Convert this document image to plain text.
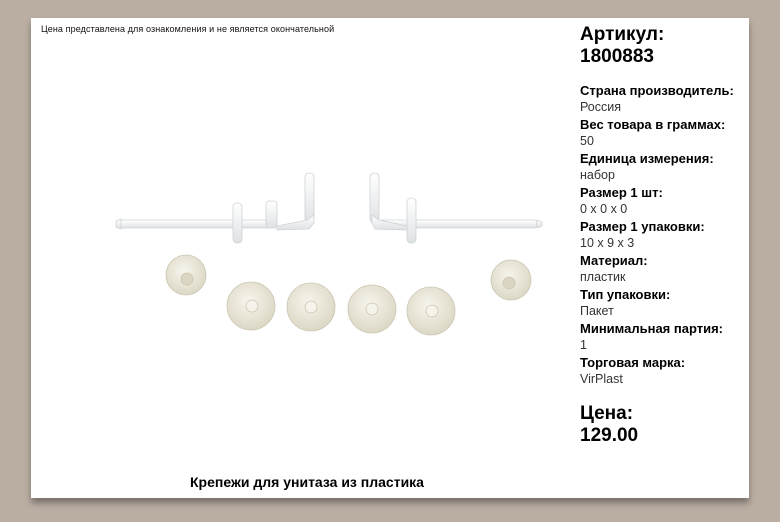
Цена представлена для ознакомления и не является окончательной
Крепежи для унитаза из пластика
Артикул:
1800883
Страна производитель:
Россия
Вес товара в граммах:
50
Единица измерения:
набор
Размер 1 шт:
0 x 0 x 0
Размер 1 упаковки:
10 x 9 x 3
Материал:
пластик
Тип упаковки:
Пакет
Минимальная партия:
1
Торговая марка:
VirPlast
Цена:
129.00
